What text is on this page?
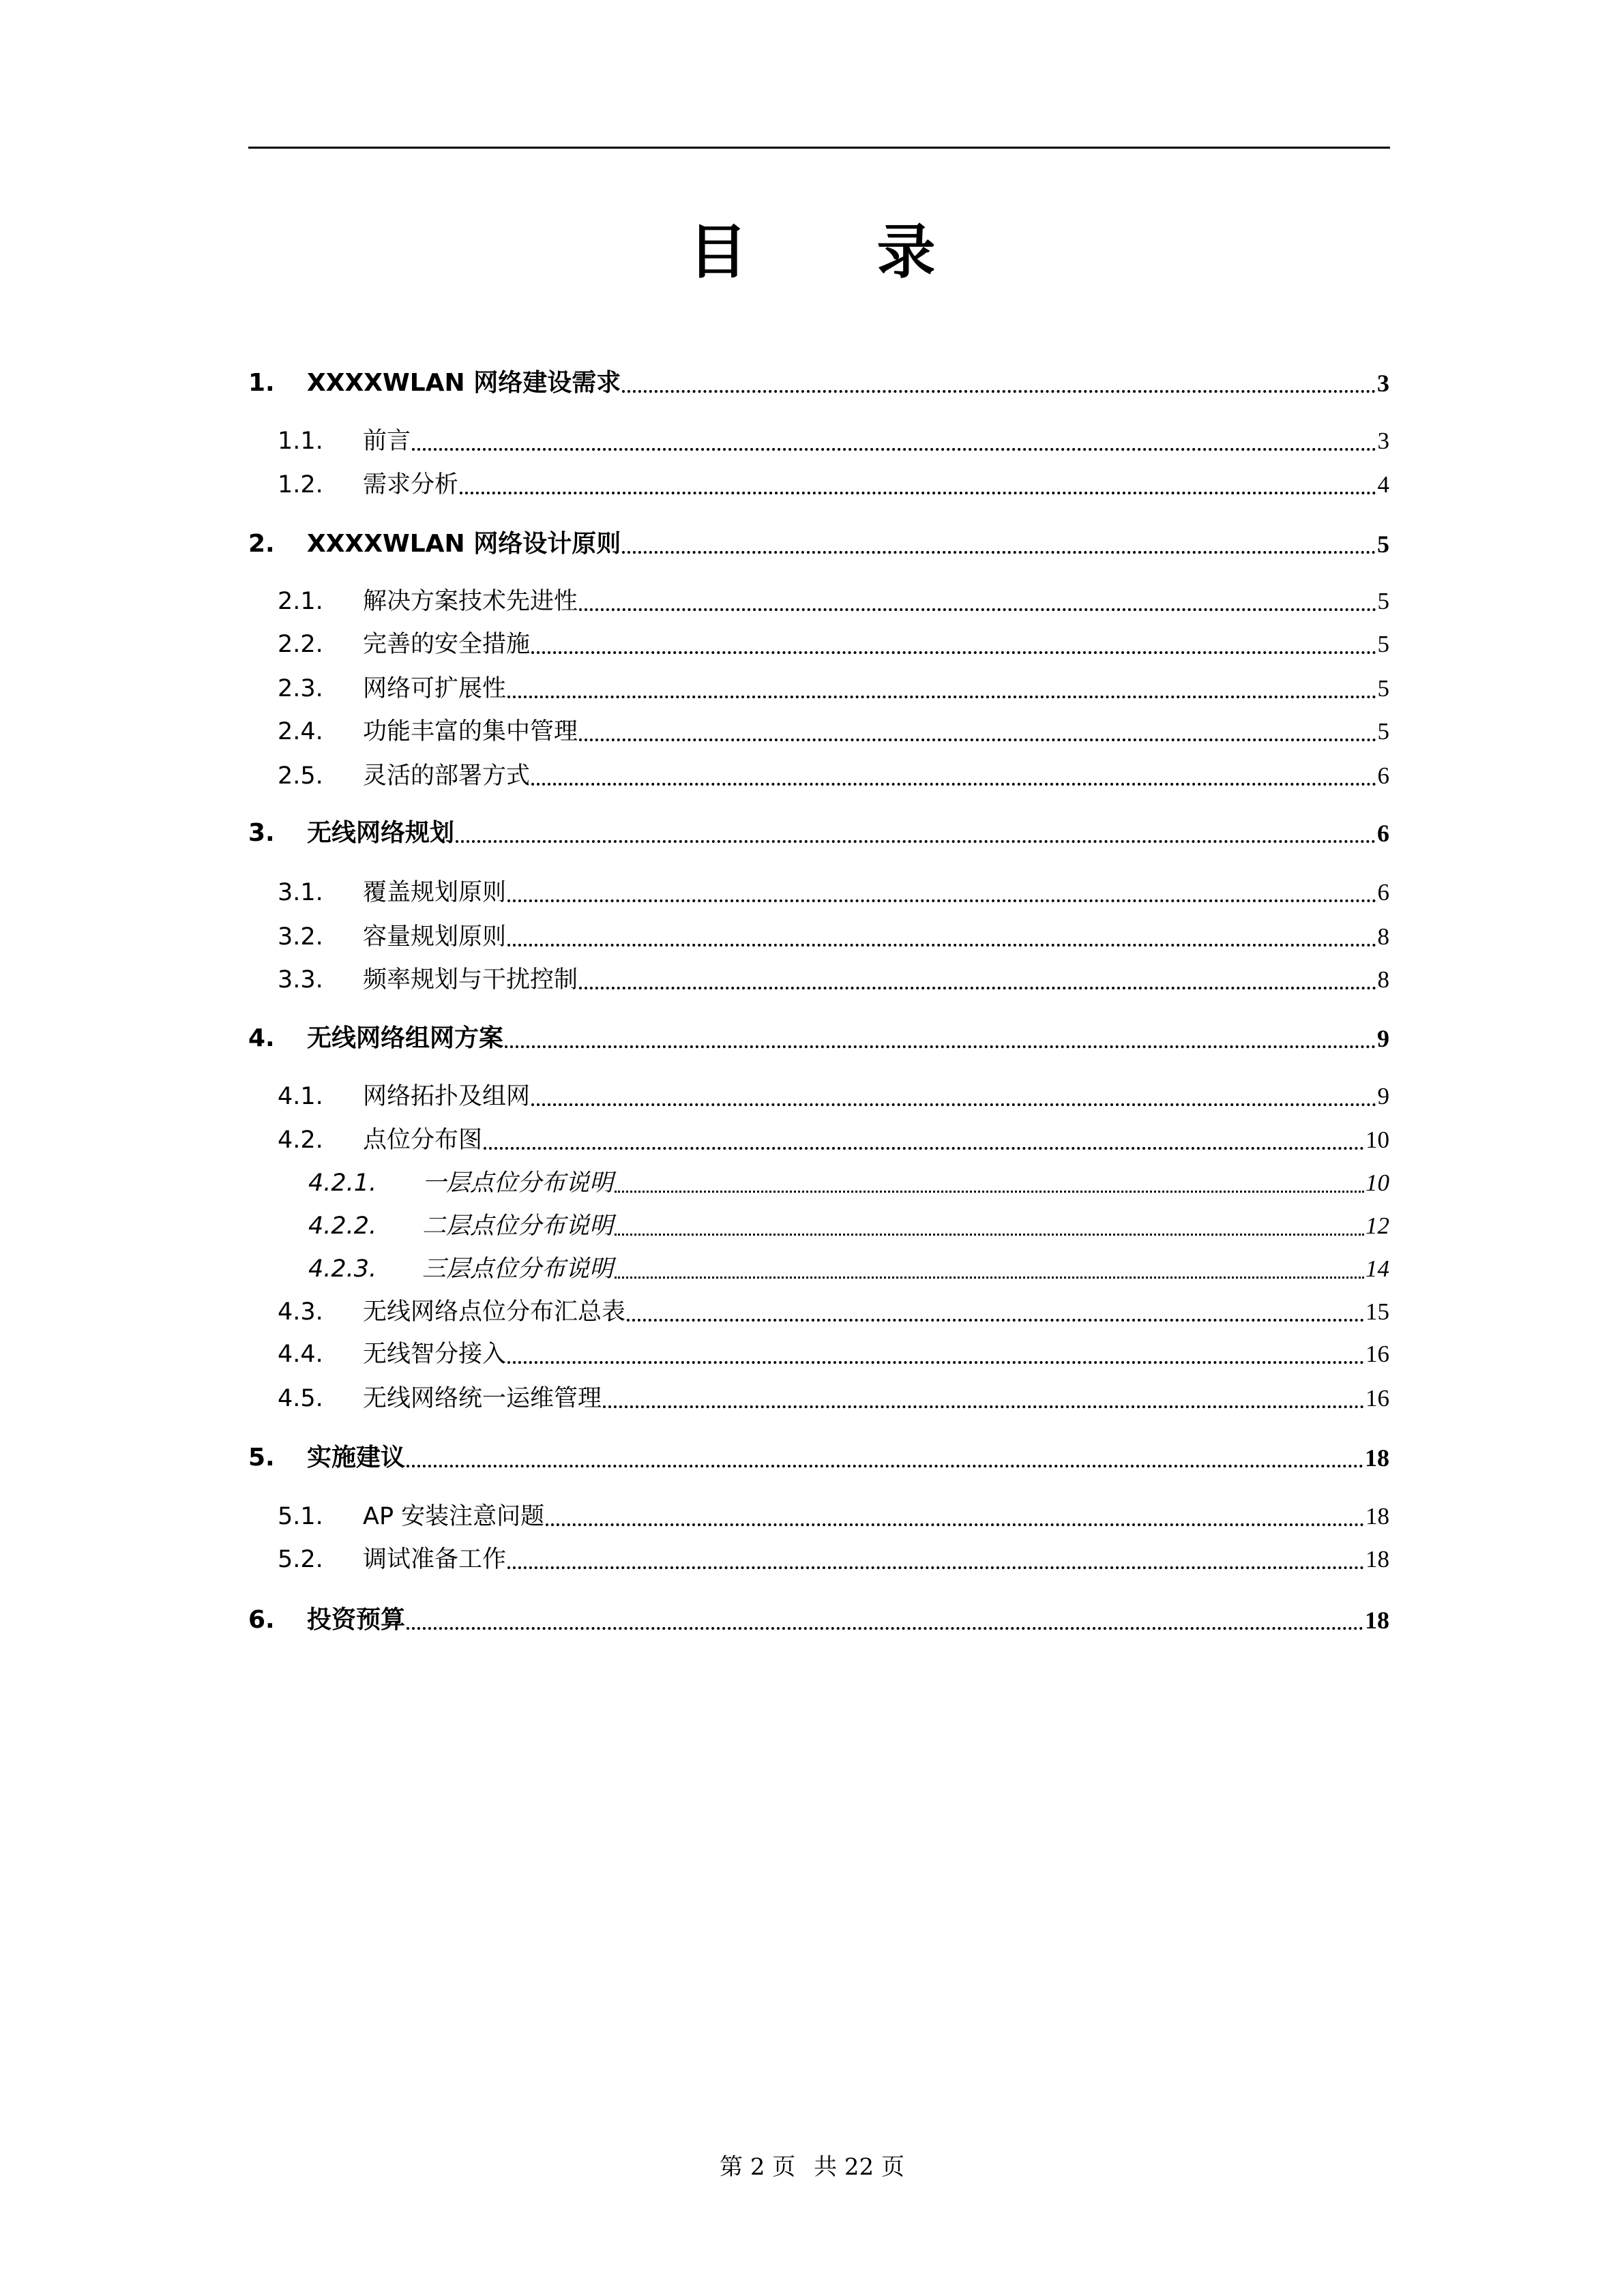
目 录
1. XXXXWLAN 网络建设需求	3
1.1. 前言	3
1.2. 需求分析	4
2. XXXXWLAN 网络设计原则	5
2.1. 解决方案技术先进性	5
2.2. 完善的安全措施	5
2.3. 网络可扩展性	5
2.4. 功能丰富的集中管理	5
2.5. 灵活的部署方式	6
3. 无线网络规划	6
3.1. 覆盖规划原则	6
3.2. 容量规划原则	8
3.3. 频率规划与干扰控制	8
4. 无线网络组网方案	9
4.1. 网络拓扑及组网	9
4.2. 点位分布图	10
4.2.1. 一层点位分布说明	10
4.2.2. 二层点位分布说明	12
4.2.3. 三层点位分布说明	14
4.3. 无线网络点位分布汇总表	15
4.4. 无线智分接入	16
4.5. 无线网络统一运维管理	16
5. 实施建议	18
5.1. AP 安装注意问题	18
5.2. 调试准备工作	18
6. 投资预算	18
第 2 页 共 22 页
